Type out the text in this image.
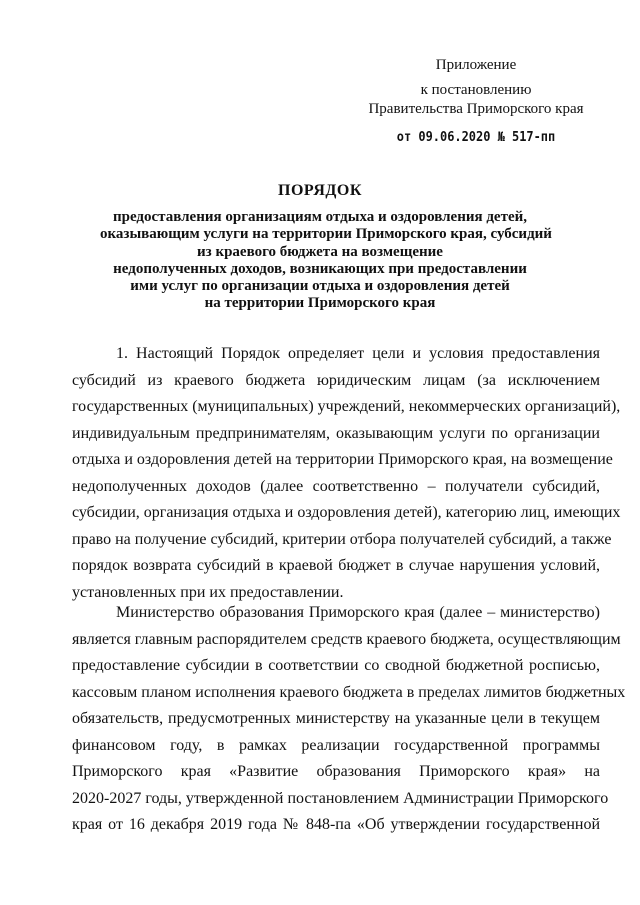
Приложение
к постановлению
Правительства Приморского края
от 09.06.2020 № 517-пп
ПОРЯДОК
предоставления организациям отдыха и оздоровления детей,
оказывающим услуги на территории Приморского края, субсидий
из краевого бюджета на возмещение
недополученных доходов, возникающих при предоставлении
ими услуг по организации отдыха и оздоровления детей
на территории Приморского края
1. Настоящий Порядок определяет цели и условия предоставления
субсидий из краевого бюджета юридическим лицам (за исключением
государственных (муниципальных) учреждений, некоммерческих организаций),
индивидуальным предпринимателям, оказывающим услуги по организации
отдыха и оздоровления детей на территории Приморского края, на возмещение
недополученных доходов (далее соответственно – получатели субсидий,
субсидии, организация отдыха и оздоровления детей), категорию лиц, имеющих
право на получение субсидий, критерии отбора получателей субсидий, а также
порядок возврата субсидий в краевой бюджет в случае нарушения условий,
установленных при их предоставлении.
Министерство образования Приморского края (далее – министерство)
является главным распорядителем средств краевого бюджета, осуществляющим
предоставление субсидии в соответствии со сводной бюджетной росписью,
кассовым планом исполнения краевого бюджета в пределах лимитов бюджетных
обязательств, предусмотренных министерству на указанные цели в текущем
финансовом году, в рамках реализации государственной программы
Приморского края «Развитие образования Приморского края» на
2020-2027 годы, утвержденной постановлением Администрации Приморского
края от 16 декабря 2019 года № 848-па «Об утверждении государственной
